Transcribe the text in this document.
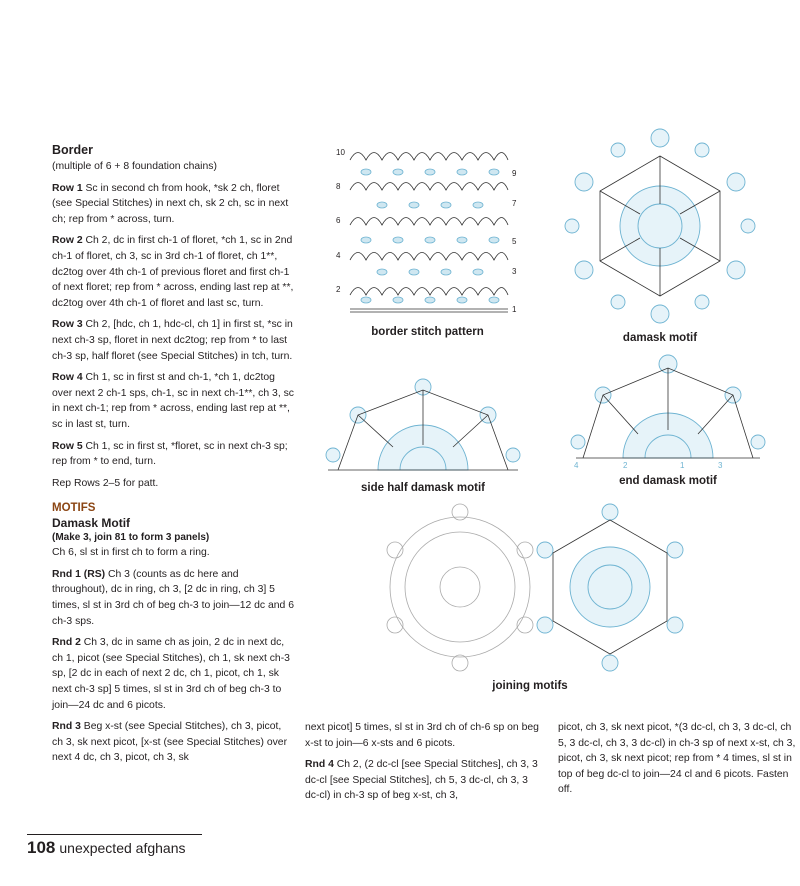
Border

(multiple of 6 + 8 foundation chains)

Row 1 Sc in second ch from hook, *sk 2 ch, floret (see Special Stitches) in next ch, sk 2 ch, sc in next ch; rep from * across, turn.

Row 2 Ch 2, dc in first ch-1 of floret, *ch 1, sc in 2nd ch-1 of floret, ch 3, sc in 3rd ch-1 of floret, ch 1**, dc2tog over 4th ch-1 of previous floret and first ch-1 of next floret; rep from * across, ending last rep at **, dc2tog over 4th ch-1 of floret and last sc, turn.

Row 3 Ch 2, [hdc, ch 1, hdc-cl, ch 1] in first st, *sc in next ch-3 sp, floret in next dc2tog; rep from * to last ch-3 sp, half floret (see Special Stitches) in tch, turn.

Row 4 Ch 1, sc in first st and ch-1, *ch 1, dc2tog over next 2 ch-1 sps, ch-1, sc in next ch-1**, ch 3, sc in next ch-1; rep from * across, ending last rep at **, sc in last st, turn.

Row 5 Ch 1, sc in first st, *floret, sc in next ch-3 sp; rep from * to end, turn.

Rep Rows 2–5 for patt.

MOTIFS
Damask Motif
(Make 3, join 81 to form 3 panels)

Ch 6, sl st in first ch to form a ring.

Rnd 1 (RS) Ch 3 (counts as dc here and throughout), dc in ring, ch 3, [2 dc in ring, ch 3] 5 times, sl st in 3rd ch of beg ch-3 to join—12 dc and 6 ch-3 sps.

Rnd 2 Ch 3, dc in same ch as join, 2 dc in next dc, ch 1, picot (see Special Stitches), ch 1, sk next ch-3 sp, [2 dc in each of next 2 dc, ch 1, picot, ch 1, sk next ch-3 sp] 5 times, sl st in 3rd ch of beg ch-3 to join—24 dc and 6 picots.

Rnd 3 Beg x-st (see Special Stitches), ch 3, picot, ch 3, sk next picot, [x-st (see Special Stitches) over next 4 dc, ch 3, picot, ch 3, sk

next picot] 5 times, sl st in 3rd ch of ch-6 sp on beg x-st to join—6 x-sts and 6 picots.

Rnd 4 Ch 2, (2 dc-cl [see Special Stitches], ch 3, 3 dc-cl [see Special Stitches], ch 5, 3 dc-cl, ch 3, 3 dc-cl) in ch-3 sp of beg x-st, ch 3,

picot, ch 3, sk next picot, *(3 dc-cl, ch 3, 3 dc-cl, ch 5, 3 dc-cl, ch 3, 3 dc-cl) in ch-3 sp of next x-st, ch 3, picot, ch 3, sk next picot; rep from * 4 times, sl st in top of beg dc-cl to join—24 cl and 6 picots. Fasten off.

10
8
6
4
2
9
7
5
3
1
border stitch pattern	damask motif
side half damask motif
4	2	1	3
end damask motif
joining motifs
108 unexpected afghans
